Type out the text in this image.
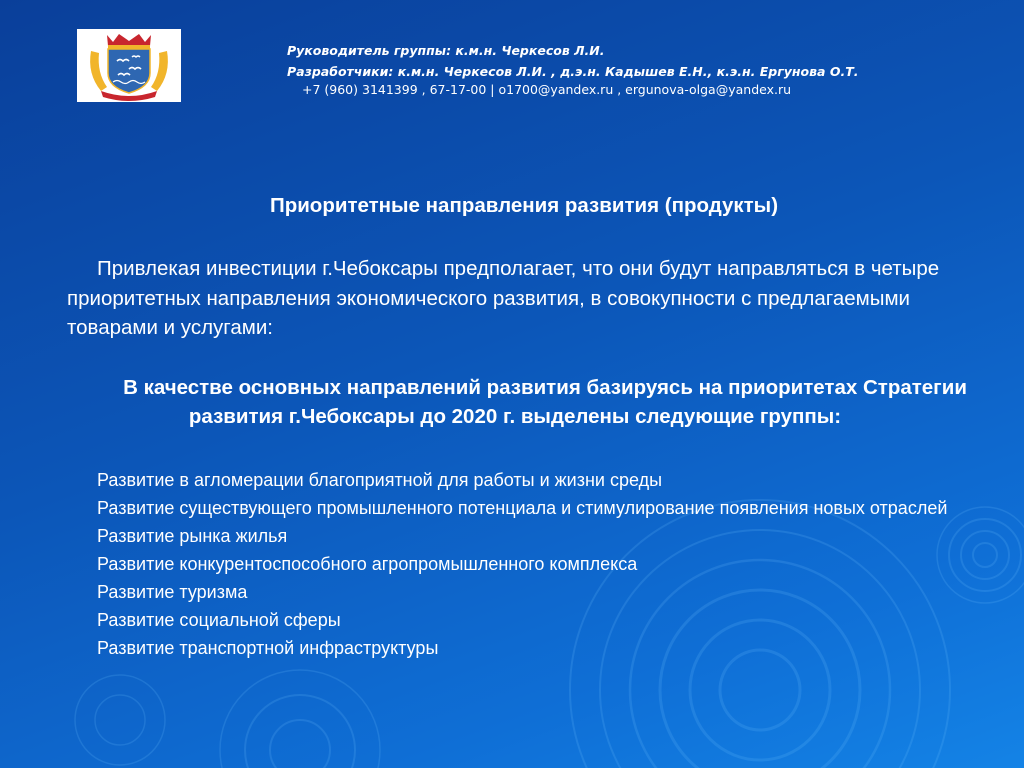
Руководитель группы: к.м.н. Черкесов Л.И.
Разработчики: к.м.н. Черкесов Л.И. , д.э.н. Кадышев Е.Н., к.э.н. Ергунова О.Т.
+7 (960) 3141399 , 67-17-00 | o1700@yandex.ru , ergunova-olga@yandex.ru
Приоритетные направления развития (продукты)
Привлекая инвестиции г.Чебоксары предполагает, что они будут направляться в четыре приоритетных направления экономического развития, в совокупности с предлагаемыми товарами и услугами:
В качестве основных направлений развития базируясь на приоритетах Стратегии развития г.Чебоксары до 2020 г. выделены следующие группы:
Развитие в агломерации благоприятной для работы и жизни среды
Развитие существующего промышленного потенциала и стимулирование появления новых отраслей
Развитие рынка жилья
Развитие конкурентоспособного агропромышленного комплекса
Развитие туризма
Развитие социальной сферы
Развитие транспортной инфраструктуры
